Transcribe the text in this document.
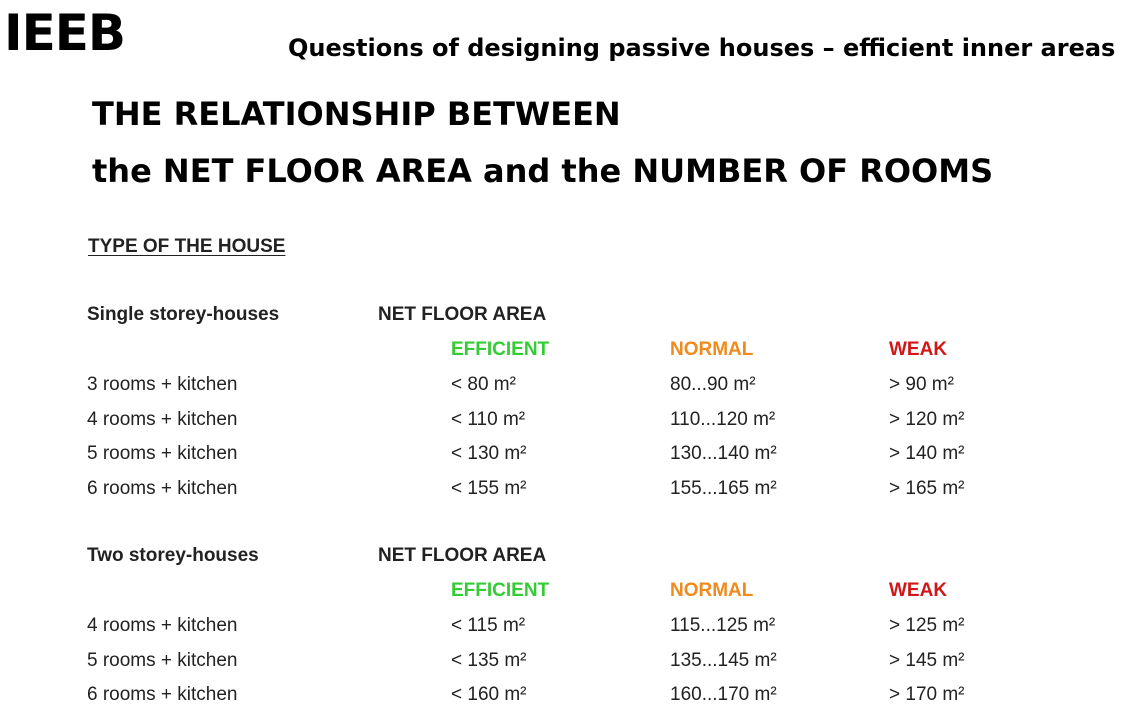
IEEB	Questions of designing passive houses – efficient inner areas
THE RELATIONSHIP BETWEEN
the NET FLOOR AREA and the NUMBER OF ROOMS
TYPE OF THE HOUSE
Single storey-houses	NET FLOOR AREA
EFFICIENT	NORMAL	WEAK
3 rooms + kitchen	< 80 m²	80...90 m²	> 90 m²
4 rooms + kitchen	< 110 m²	110...120 m²	> 120 m²
5 rooms + kitchen	< 130 m²	130...140 m²	> 140 m²
6 rooms + kitchen	< 155 m²	155...165 m²	> 165 m²
Two storey-houses	NET FLOOR AREA
EFFICIENT	NORMAL	WEAK
4 rooms + kitchen	< 115 m²	115...125 m²	> 125 m²
5 rooms + kitchen	< 135 m²	135...145 m²	> 145 m²
6 rooms + kitchen	< 160 m²	160...170 m²	> 170 m²
